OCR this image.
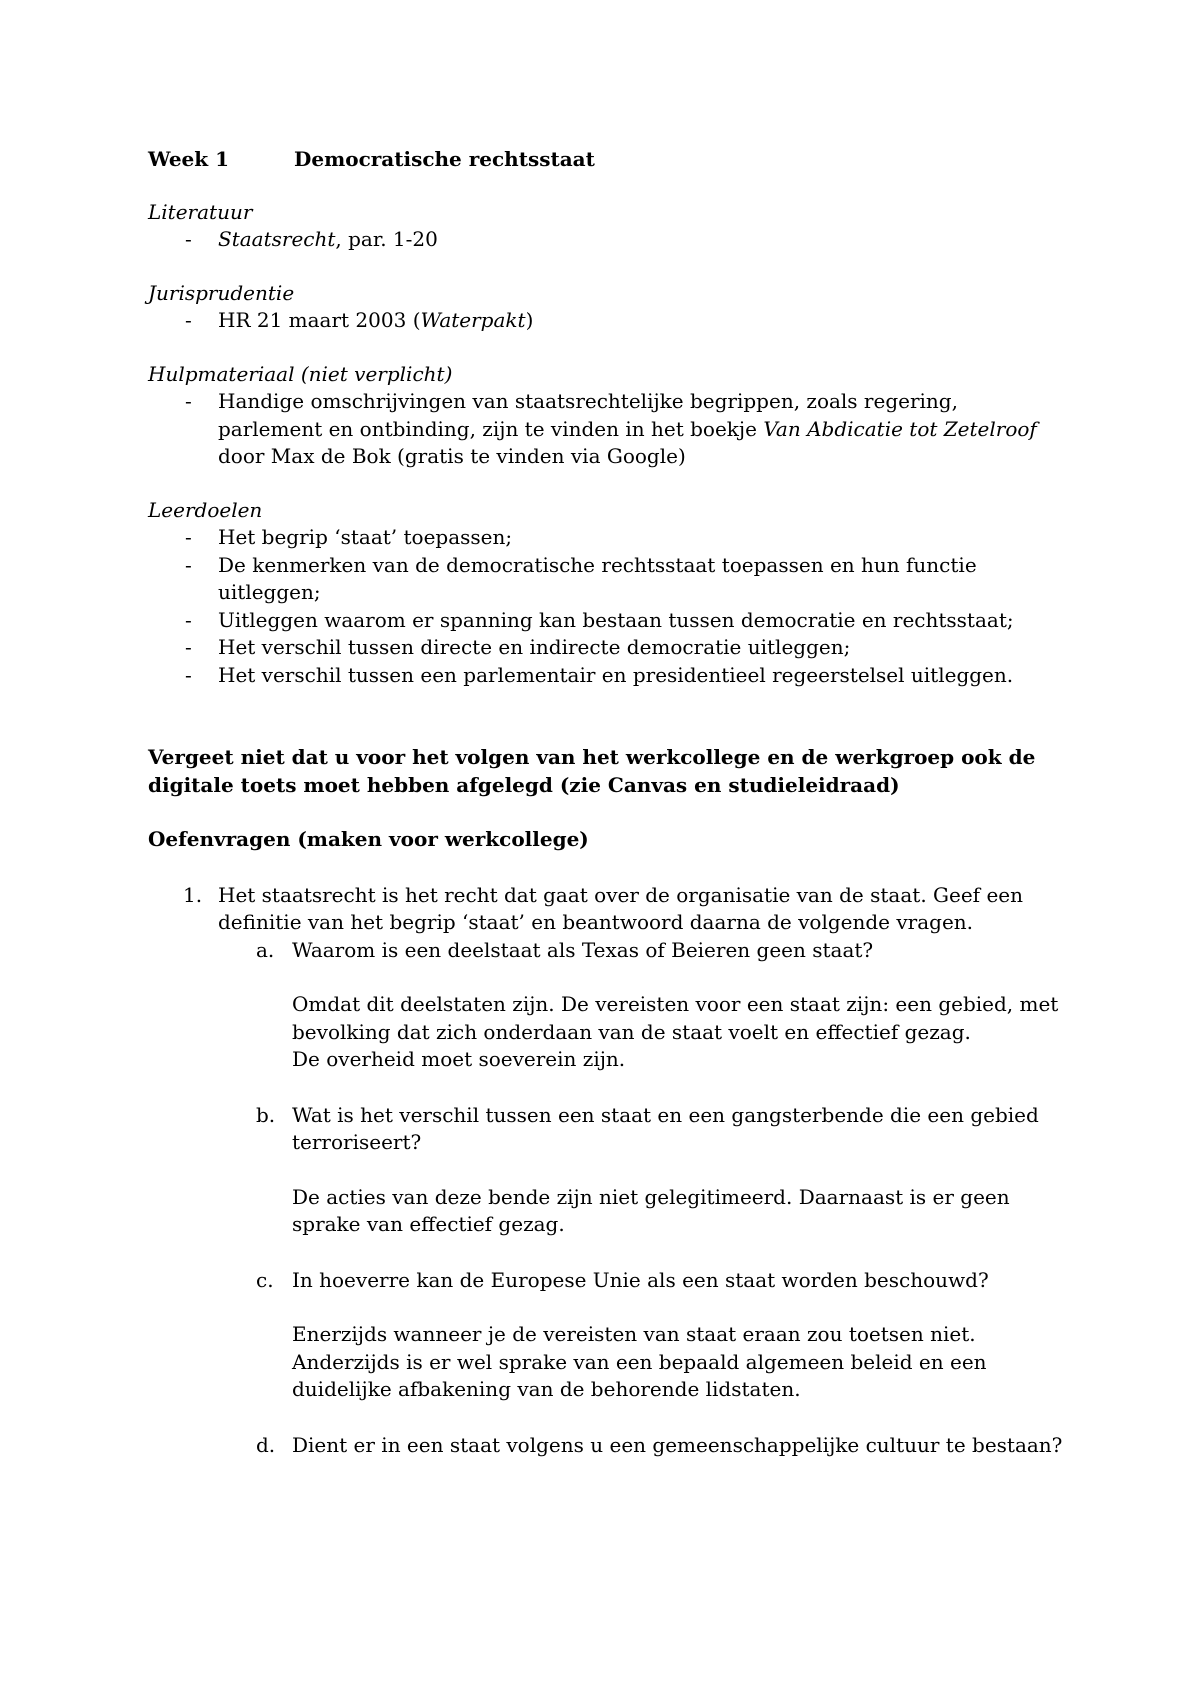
Week 1	Democratische rechtsstaat
Literatuur
- Staatsrecht, par. 1-20
Jurisprudentie
- HR 21 maart 2003 (Waterpakt)
Hulpmateriaal (niet verplicht)
- Handige omschrijvingen van staatsrechtelijke begrippen, zoals regering, parlement en ontbinding, zijn te vinden in het boekje Van Abdicatie tot Zetelroof door Max de Bok (gratis te vinden via Google)
Leerdoelen
- Het begrip ‘staat’ toepassen;
- De kenmerken van de democratische rechtsstaat toepassen en hun functie uitleggen;
- Uitleggen waarom er spanning kan bestaan tussen democratie en rechtsstaat;
- Het verschil tussen directe en indirecte democratie uitleggen;
- Het verschil tussen een parlementair en presidentieel regeerstelsel uitleggen.
Vergeet niet dat u voor het volgen van het werkcollege en de werkgroep ook de digitale toets moet hebben afgelegd (zie Canvas en studieleidraad)
Oefenvragen (maken voor werkcollege)
1. Het staatsrecht is het recht dat gaat over de organisatie van de staat. Geef een definitie van het begrip ‘staat’ en beantwoord daarna de volgende vragen.
a. Waarom is een deelstaat als Texas of Beieren geen staat?
Omdat dit deelstaten zijn. De vereisten voor een staat zijn: een gebied, met bevolking dat zich onderdaan van de staat voelt en effectief gezag.
De overheid moet soeverein zijn.
b. Wat is het verschil tussen een staat en een gangsterbende die een gebied terroriseert?
De acties van deze bende zijn niet gelegitimeerd. Daarnaast is er geen sprake van effectief gezag.
c. In hoeverre kan de Europese Unie als een staat worden beschouwd?
Enerzijds wanneer je de vereisten van staat eraan zou toetsen niet. Anderzijds is er wel sprake van een bepaald algemeen beleid en een duidelijke afbakening van de behorende lidstaten.
d. Dient er in een staat volgens u een gemeenschappelijke cultuur te bestaan?
